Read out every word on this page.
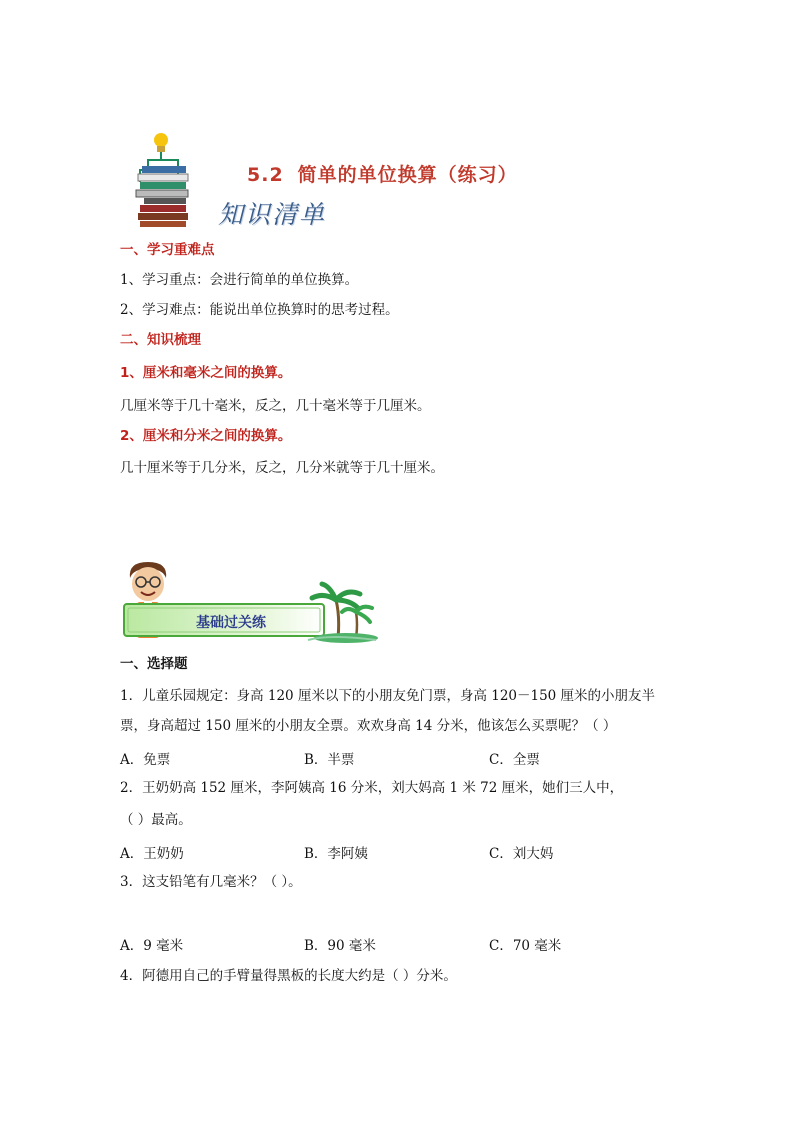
5.2 简单的单位换算（练习）
知识清单
一、学习重难点
1、学习重点：会进行简单的单位换算。
2、学习难点：能说出单位换算时的思考过程。
二、知识梳理
1、厘米和毫米之间的换算。
几厘米等于几十毫米，反之，几十毫米等于几厘米。
2、厘米和分米之间的换算。
几十厘米等于几分米，反之，几分米就等于几十厘米。
基础过关练
一、选择题
1．儿童乐园规定：身高 120 厘米以下的小朋友免门票，身高 120－150 厘米的小朋友半
票，身高超过 150 厘米的小朋友全票。欢欢身高 14 分米，他该怎么买票呢？（ ）
A．免票	B．半票	C．全票
2．王奶奶高 152 厘米，李阿姨高 16 分米，刘大妈高 1 米 72 厘米，她们三人中，
（ ）最高。
A．王奶奶	B．李阿姨	C．刘大妈
3．这支铅笔有几毫米？（ ）。
A．9 毫米	B．90 毫米	C．70 毫米
4．阿德用自己的手臂量得黑板的长度大约是（ ）分米。
